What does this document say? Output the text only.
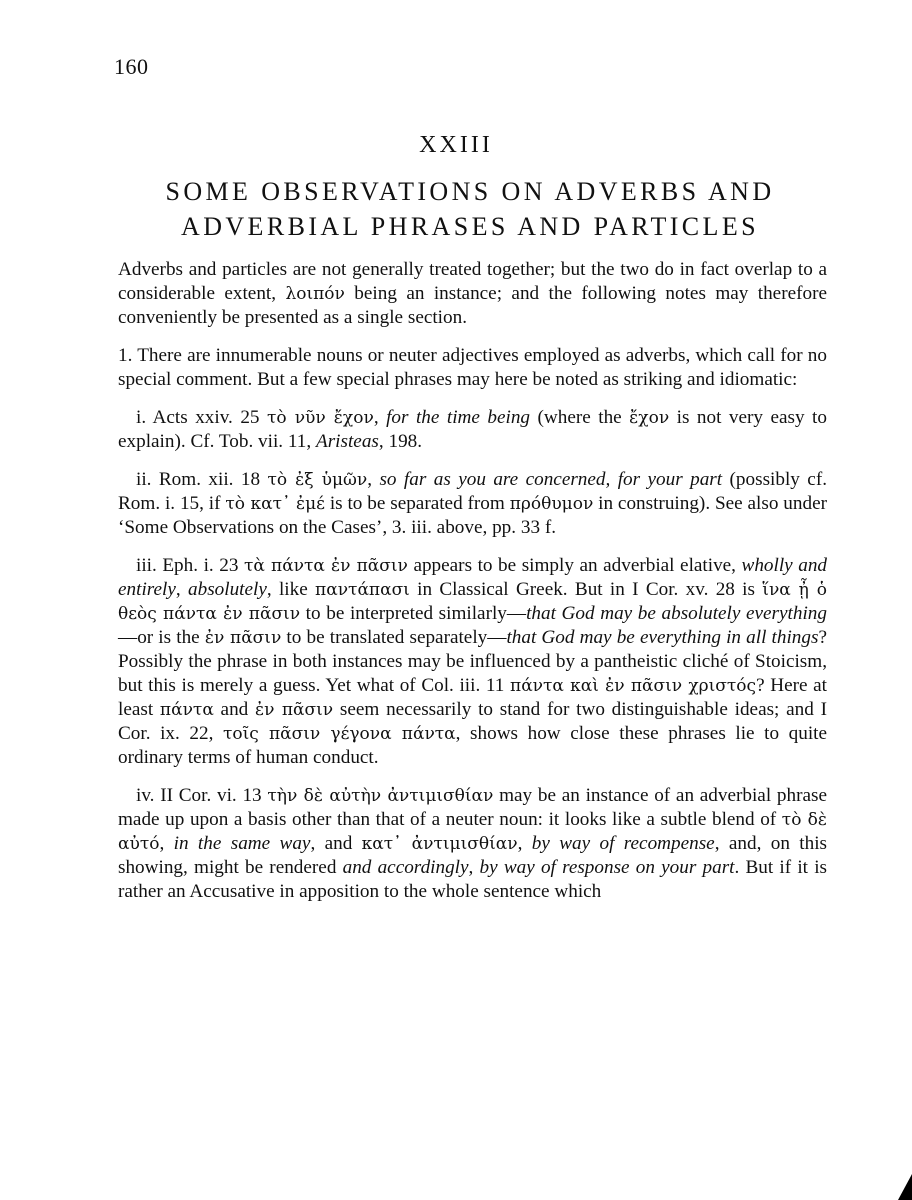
160
XXIII
SOME OBSERVATIONS ON ADVERBS AND ADVERBIAL PHRASES AND PARTICLES

Adverbs and particles are not generally treated together; but the two do in fact overlap to a considerable extent, λοιπόν being an instance; and the following notes may therefore conveniently be presented as a single section.

1. There are innumerable nouns or neuter adjectives employed as adverbs, which call for no special comment. But a few special phrases may here be noted as striking and idiomatic:

i. Acts xxiv. 25 τὸ νῦν ἔχον, for the time being (where the ἔχον is not very easy to explain). Cf. Tob. vii. 11, Aristeas, 198.

ii. Rom. xii. 18 τὸ ἐξ ὑμῶν, so far as you are concerned, for your part (possibly cf. Rom. i. 15, if τὸ κατ᾽ ἐμέ is to be separated from πρόθυμον in construing). See also under ‘Some Observations on the Cases’, 3. iii. above, pp. 33 f.

iii. Eph. i. 23 τὰ πάντα ἐν πᾶσιν appears to be simply an adverbial elative, wholly and entirely, absolutely, like παντάπασι in Classical Greek. But in I Cor. xv. 28 is ἵνα ᾖ ὁ θεὸς πάντα ἐν πᾶσιν to be interpreted similarly—that God may be absolutely everything—or is the ἐν πᾶσιν to be translated separately—that God may be everything in all things? Possibly the phrase in both instances may be influenced by a pantheistic cliché of Stoicism, but this is merely a guess. Yet what of Col. iii. 11 πάντα καὶ ἐν πᾶσιν χριστός? Here at least πάντα and ἐν πᾶσιν seem necessarily to stand for two distinguishable ideas; and I Cor. ix. 22, τοῖς πᾶσιν γέγονα πάντα, shows how close these phrases lie to quite ordinary terms of human conduct.

iv. II Cor. vi. 13 τὴν δὲ αὐτὴν ἀντιμισθίαν may be an instance of an adverbial phrase made up upon a basis other than that of a neuter noun: it looks like a subtle blend of τὸ δὲ αὐτό, in the same way, and κατ᾽ ἀντιμισθίαν, by way of recompense, and, on this showing, might be rendered and accordingly, by way of response on your part. But if it is rather an Accusative in apposition to the whole sentence which
